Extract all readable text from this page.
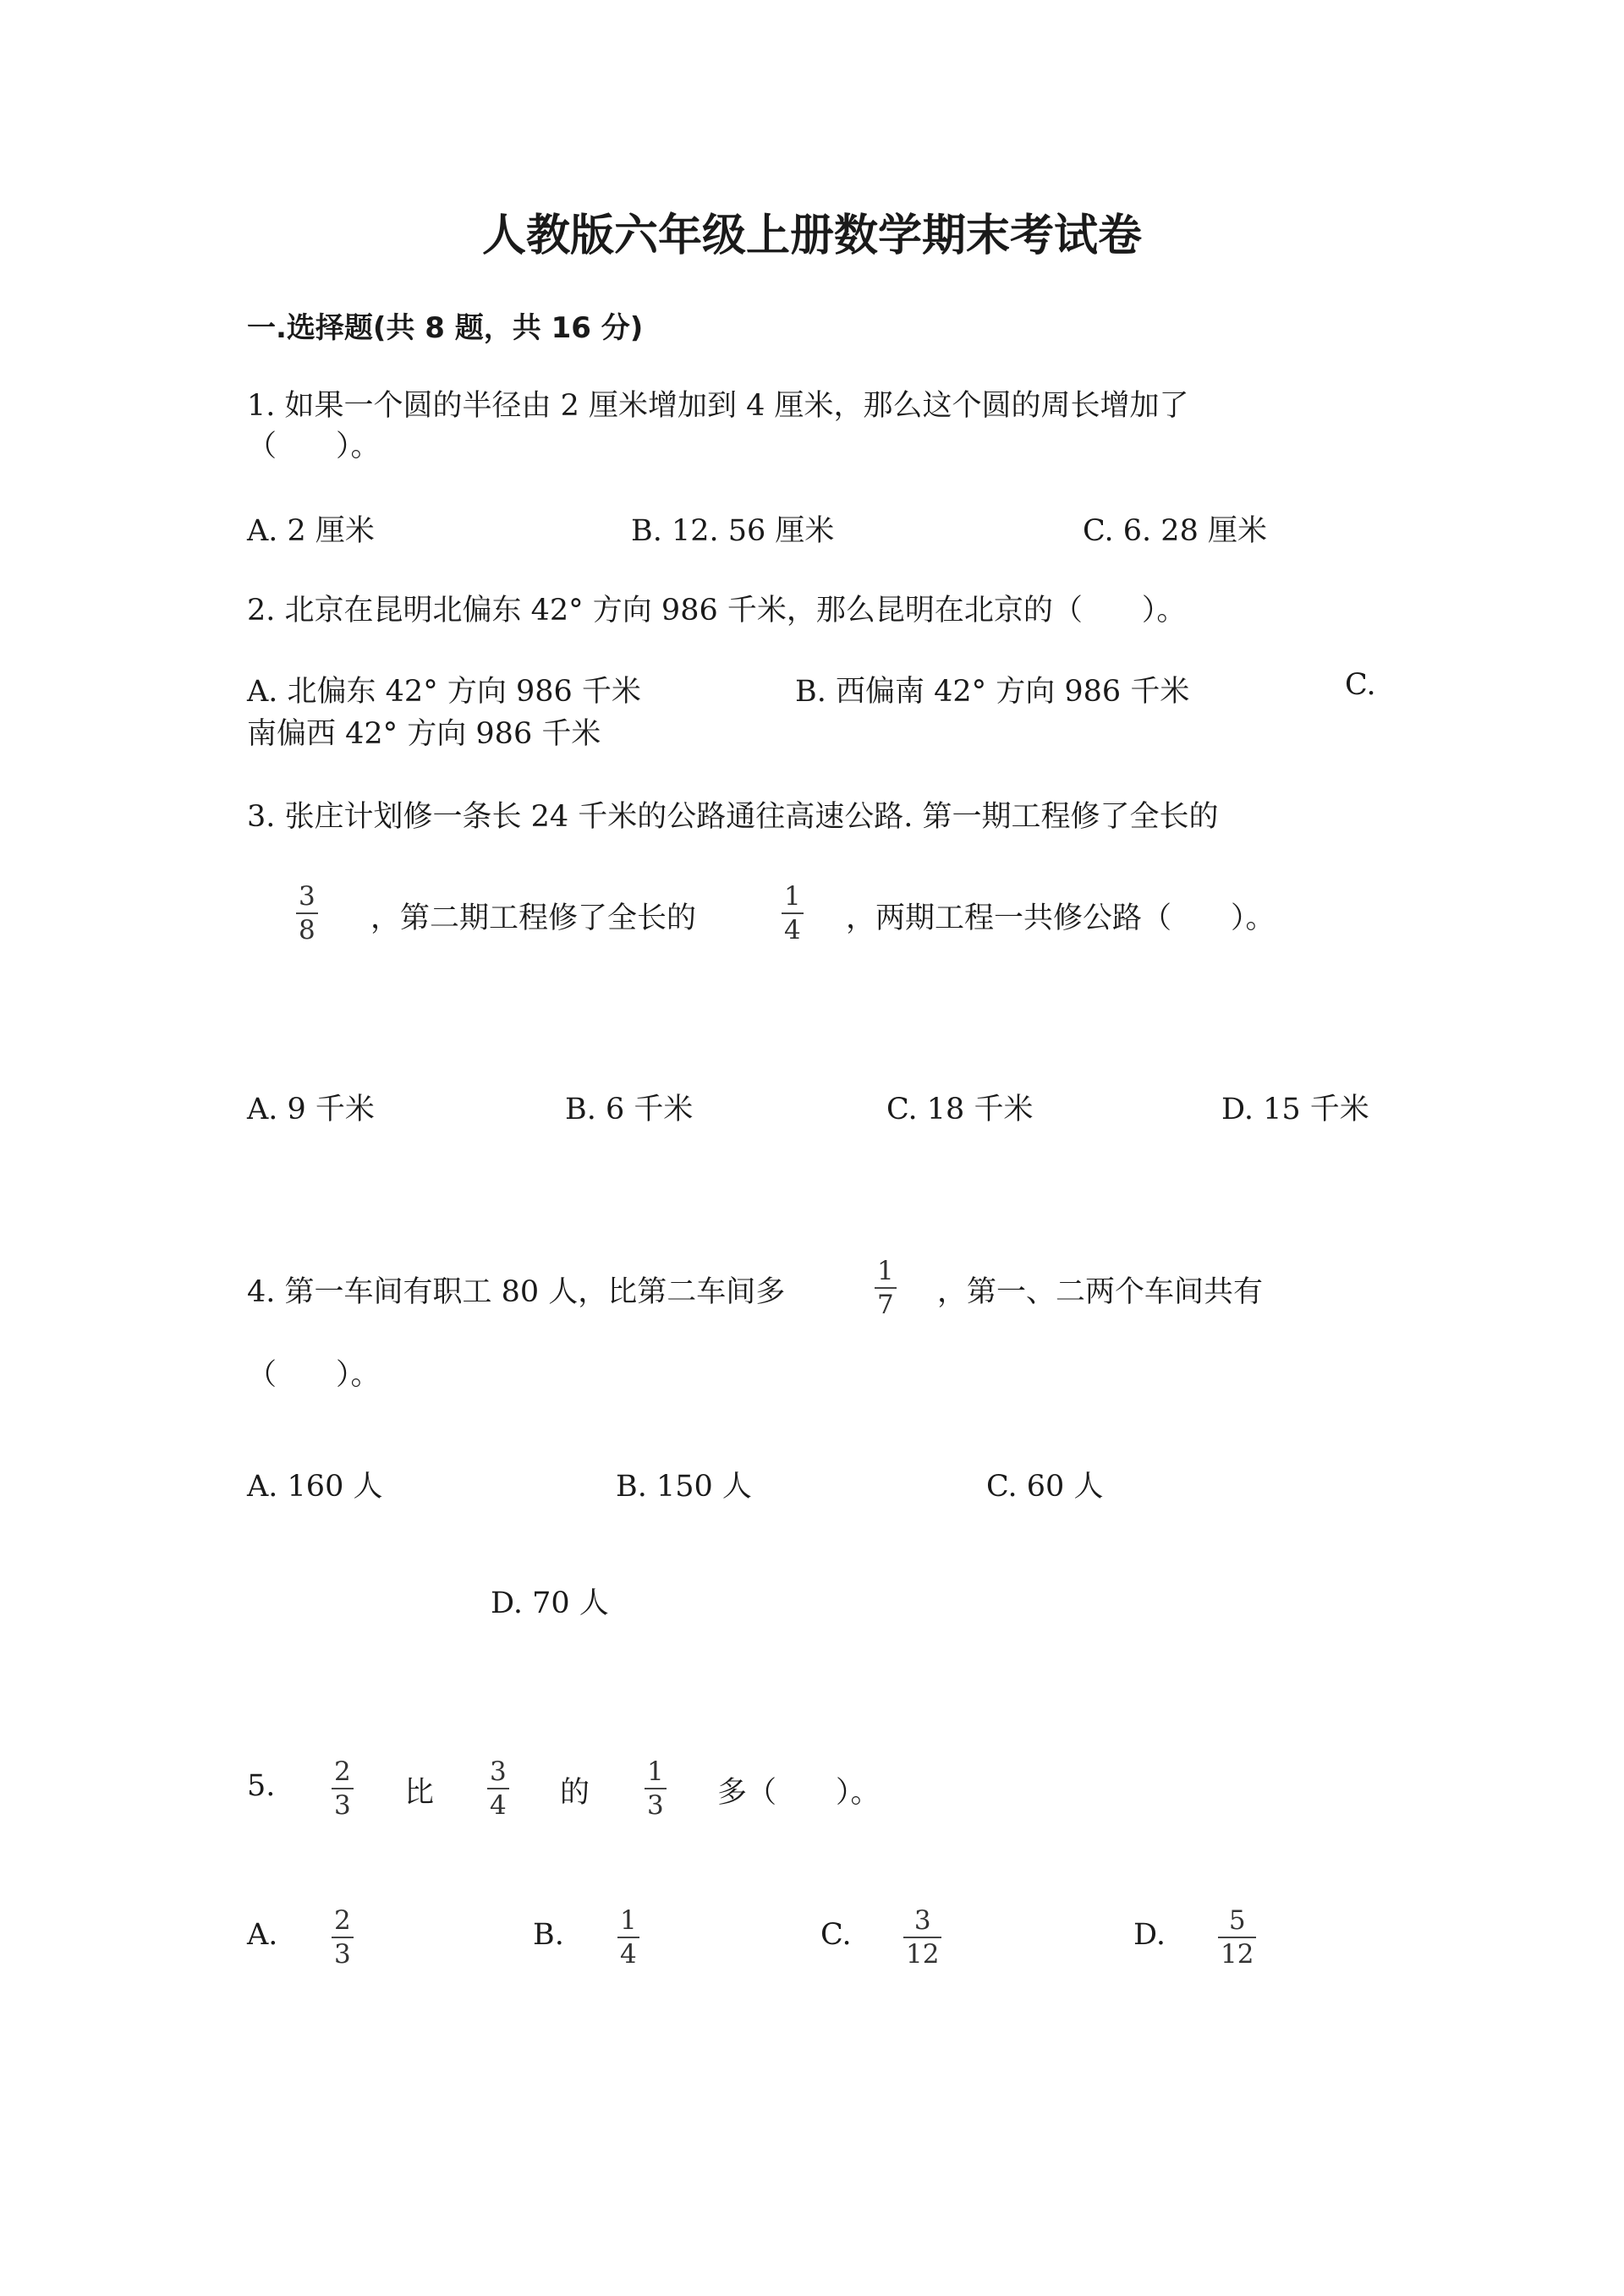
人教版六年级上册数学期末考试卷
一.选择题(共 8 题，共 16 分)
1. 如果一个圆的半径由 2 厘米增加到 4 厘米，那么这个圆的周长增加了
（　　）。
A. 2 厘米	B. 12. 56 厘米	C. 6. 28 厘米
2. 北京在昆明北偏东 42° 方向 986 千米，那么昆明在北京的（　　）。
A. 北偏东 42° 方向 986 千米	B. 西偏南 42° 方向 986 千米	C.
南偏西 42° 方向 986 千米
3. 张庄计划修一条长 24 千米的公路通往高速公路. 第一期工程修了全长的
3
8 ，第二期工程修了全长的
1
4 ，两期工程一共修公路（　　）。
A. 9 千米	B. 6 千米	C. 18 千米	D. 15 千米
4. 第一车间有职工 80 人，比第二车间多
1
7 ，第一、二两个车间共有
（　　）。
A. 160 人	B. 150 人	C. 60 人
D. 70 人
5. 2
3 比
3
4 的
1
3 多（　　）。
A. 2
3
B. 1
4
C. 3
12
D. 5
12
